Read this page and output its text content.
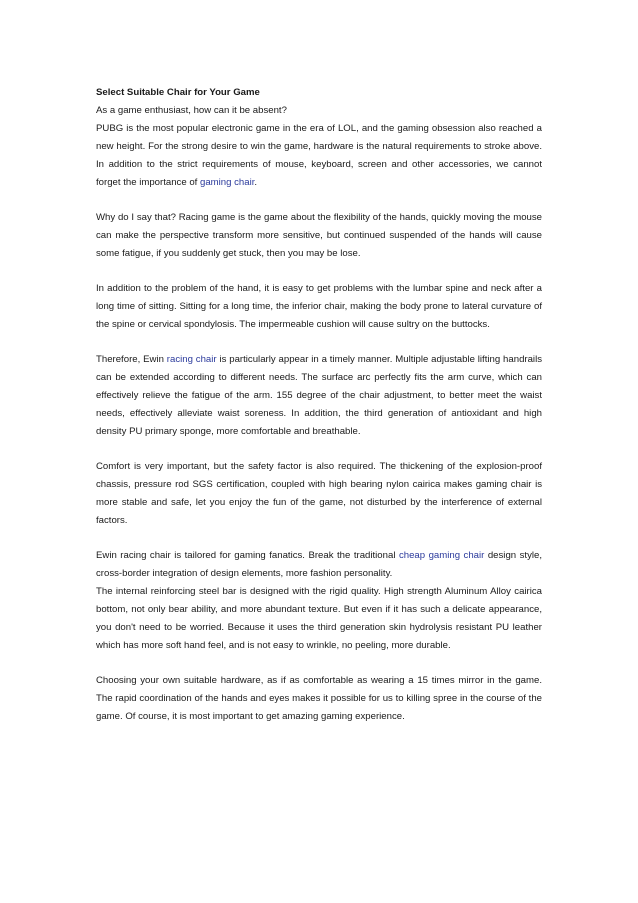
Select Suitable Chair for Your Game
As a game enthusiast, how can it be absent?

PUBG is the most popular electronic game in the era of LOL, and the gaming obsession also reached a new height. For the strong desire to win the game, hardware is the natural requirements to stroke above. In addition to the strict requirements of mouse, keyboard, screen and other accessories, we cannot forget the importance of gaming chair.

Why do I say that? Racing game is the game about the flexibility of the hands, quickly moving the mouse can make the perspective transform more sensitive, but continued suspended of the hands will cause some fatigue, if you suddenly get stuck, then you may be lose.

In addition to the problem of the hand, it is easy to get problems with the lumbar spine and neck after a long time of sitting. Sitting for a long time, the inferior chair, making the body prone to lateral curvature of the spine or cervical spondylosis. The impermeable cushion will cause sultry on the buttocks.

Therefore, Ewin racing chair is particularly appear in a timely manner. Multiple adjustable lifting handrails can be extended according to different needs. The surface arc perfectly fits the arm curve, which can effectively relieve the fatigue of the arm. 155 degree of the chair adjustment, to better meet the waist needs, effectively alleviate waist soreness. In addition, the third generation of antioxidant and high density PU primary sponge, more comfortable and breathable.

Comfort is very important, but the safety factor is also required. The thickening of the explosion-proof chassis, pressure rod SGS certification, coupled with high bearing nylon cairica makes gaming chair is more stable and safe, let you enjoy the fun of the game, not disturbed by the interference of external factors.

Ewin racing chair is tailored for gaming fanatics. Break the traditional cheap gaming chair design style, cross-border integration of design elements, more fashion personality.

The internal reinforcing steel bar is designed with the rigid quality. High strength Aluminum Alloy cairica bottom, not only bear ability, and more abundant texture. But even if it has such a delicate appearance, you don't need to be worried. Because it uses the third generation skin hydrolysis resistant PU leather which has more soft hand feel, and is not easy to wrinkle, no peeling, more durable.

Choosing your own suitable hardware, as if as comfortable as wearing a 15 times mirror in the game. The rapid coordination of the hands and eyes makes it possible for us to killing spree in the course of the game. Of course, it is most important to get amazing gaming experience.
